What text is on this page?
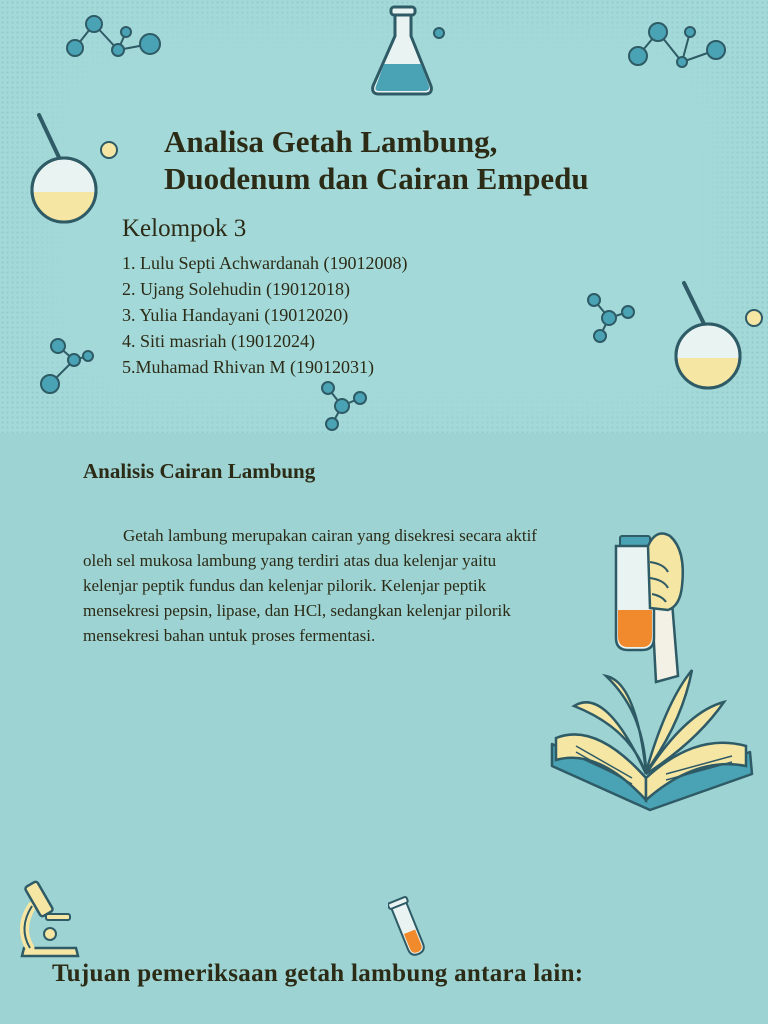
Analisa Getah Lambung,
Duodenum dan Cairan Empedu
Kelompok 3
1. Lulu Septi Achwardanah (19012008)
2. Ujang Solehudin (19012018)
3. Yulia Handayani (19012020)
4. Siti masriah (19012024)
5.Muhamad Rhivan M (19012031)
Analisis Cairan Lambung

Getah lambung merupakan cairan yang disekresi secara aktif oleh sel mukosa lambung yang terdiri atas dua kelenjar yaitu kelenjar peptik fundus dan kelenjar pilorik. Kelenjar peptik mensekresi pepsin, lipase, dan HCl, sedangkan kelenjar pilorik mensekresi bahan untuk proses fermentasi.

Tujuan pemeriksaan getah lambung antara lain:
